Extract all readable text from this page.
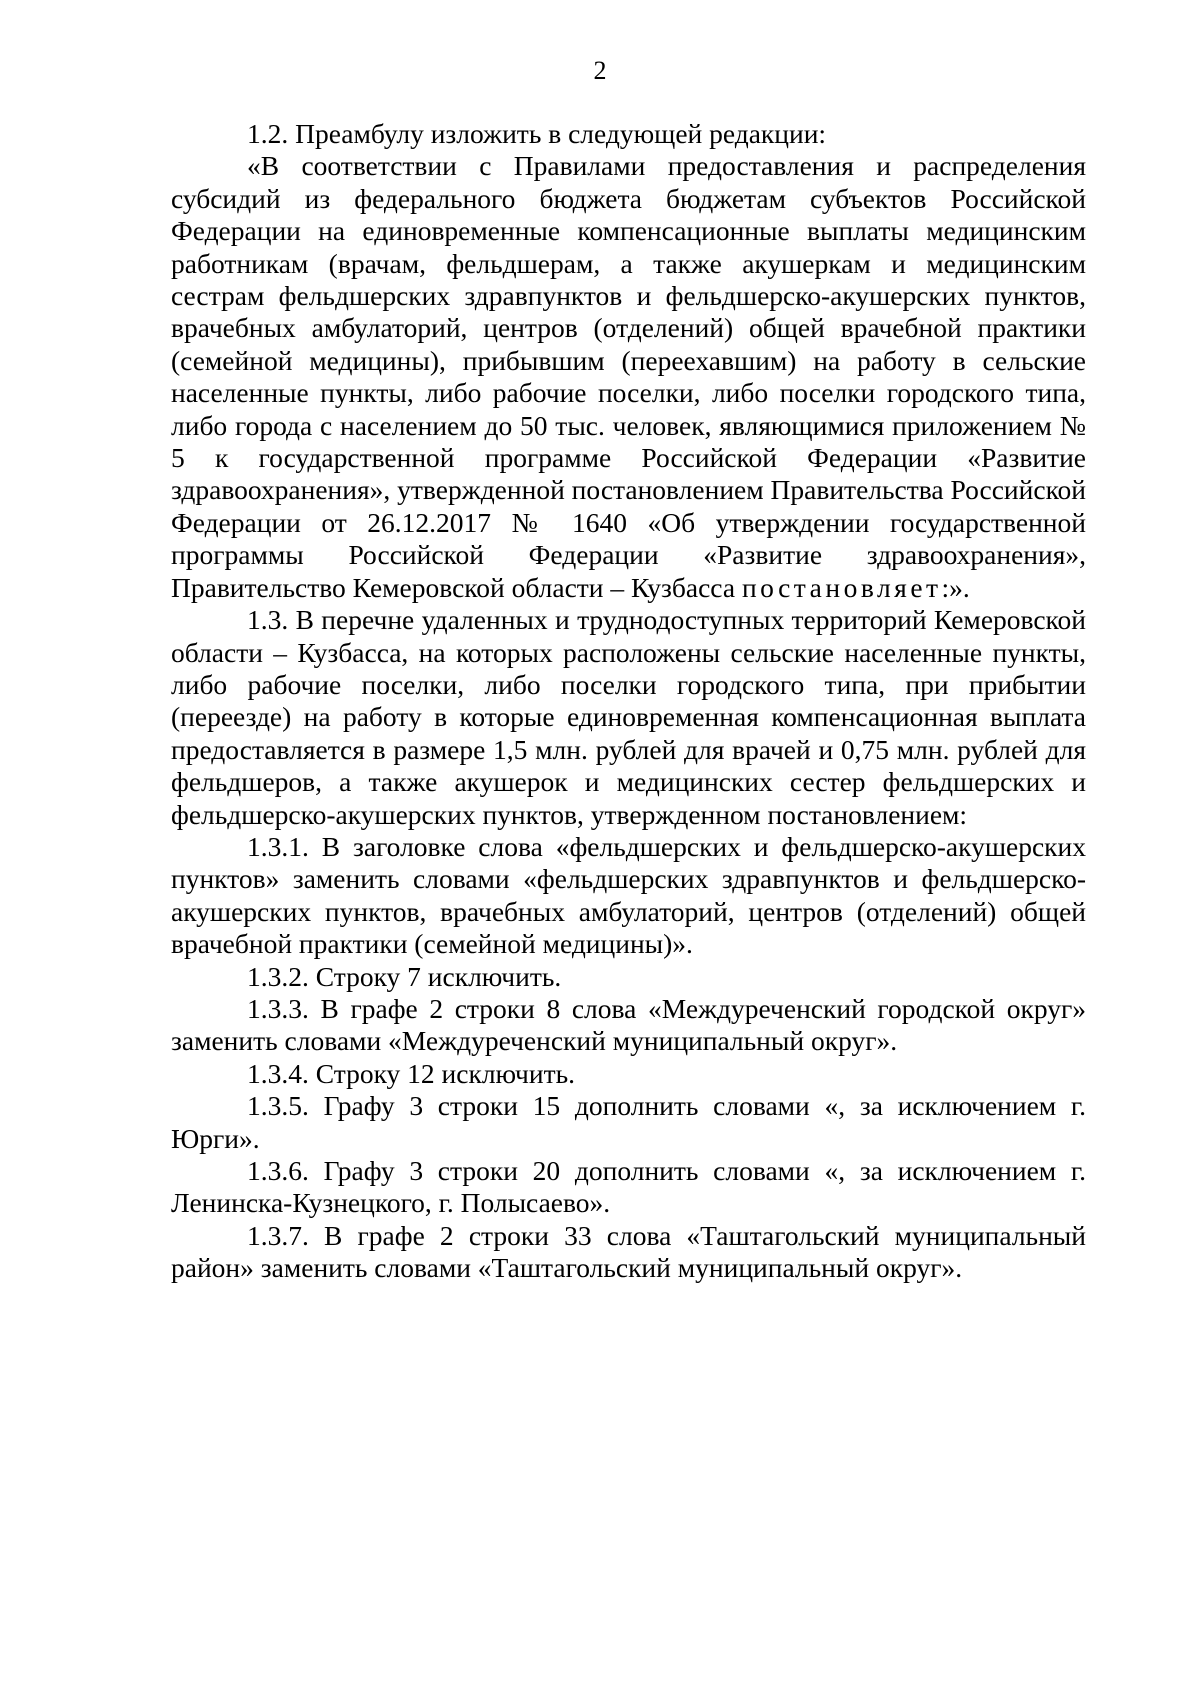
2

1.2. Преамбулу изложить в следующей редакции:

«В соответствии с Правилами предоставления и распределения субсидий из федерального бюджета бюджетам субъектов Российской Федерации на единовременные компенсационные выплаты медицинским работникам (врачам, фельдшерам, а также акушеркам и медицинским сестрам фельдшерских здравпунктов и фельдшерско-акушерских пунктов, врачебных амбулаторий, центров (отделений) общей врачебной практики (семейной медицины), прибывшим (переехавшим) на работу в сельские населенные пункты, либо рабочие поселки, либо поселки городского типа, либо города с населением до 50 тыс. человек, являющимися приложением № 5 к государственной программе Российской Федерации «Развитие здравоохранения», утвержденной постановлением Правительства Российской Федерации от 26.12.2017 № 1640 «Об утверждении государственной программы Российской Федерации «Развитие здравоохранения», Правительство Кемеровской области – Кузбасса постановляет:».

1.3. В перечне удаленных и труднодоступных территорий Кемеровской области – Кузбасса, на которых расположены сельские населенные пункты, либо рабочие поселки, либо поселки городского типа, при прибытии (переезде) на работу в которые единовременная компенсационная выплата предоставляется в размере 1,5 млн. рублей для врачей и 0,75 млн. рублей для фельдшеров, а также акушерок и медицинских сестер фельдшерских и фельдшерско-акушерских пунктов, утвержденном постановлением:

1.3.1. В заголовке слова «фельдшерских и фельдшерско-акушерских пунктов» заменить словами «фельдшерских здравпунктов и фельдшерско-акушерских пунктов, врачебных амбулаторий, центров (отделений) общей врачебной практики (семейной медицины)».

1.3.2. Строку 7 исключить.

1.3.3. В графе 2 строки 8 слова «Междуреченский городской округ» заменить словами «Междуреченский муниципальный округ».

1.3.4. Строку 12 исключить.

1.3.5. Графу 3 строки 15 дополнить словами «, за исключением г. Юрги».

1.3.6. Графу 3 строки 20 дополнить словами «, за исключением г. Ленинска-Кузнецкого, г. Полысаево».

1.3.7. В графе 2 строки 33 слова «Таштагольский муниципальный район» заменить словами «Таштагольский муниципальный округ».
